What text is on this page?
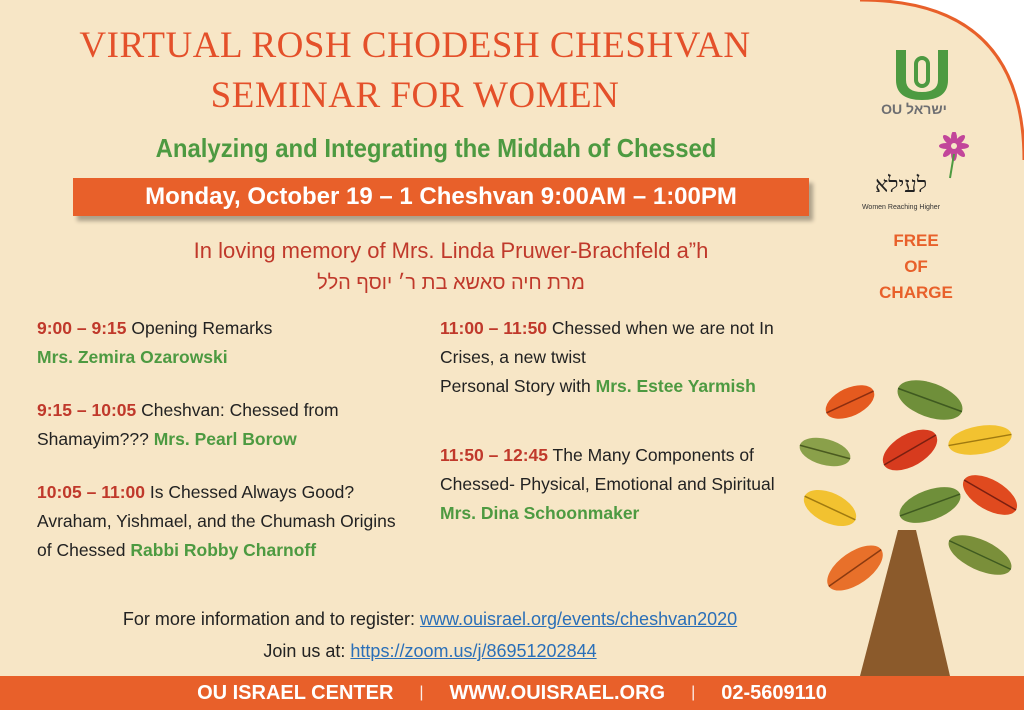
VIRTUAL ROSH CHODESH CHESHVAN
SEMINAR FOR WOMEN
Analyzing and Integrating the Middah of Chessed
Monday, October 19 – 1 Cheshvan 9:00AM – 1:00PM
In loving memory of Mrs. Linda Pruwer-Brachfeld a”h
מרת חיה סאשא בת ר׳ יוסף הלל
9:00 – 9:15 Opening Remarks
Mrs. Zemira Ozarowski
9:15 – 10:05 Cheshvan: Chessed from
Shamayim??? Mrs. Pearl Borow
10:05 – 11:00 Is Chessed Always Good?
Avraham, Yishmael, and the Chumash Origins
of Chessed Rabbi Robby Charnoff
11:00 – 11:50 Chessed when we are not In
Crises, a new twist
Personal Story with Mrs. Estee Yarmish
11:50 – 12:45 The Many Components of
Chessed- Physical, Emotional and Spiritual
Mrs. Dina Schoonmaker
For more information and to register: www.ouisrael.org/events/cheshvan2020
Join us at: https://zoom.us/j/86951202844
OU ISRAEL CENTER | WWW.OUISRAEL.ORG | 02-5609110
OU ישראל
לעילא
Women Reaching Higher
FREE
OF CHARGE
